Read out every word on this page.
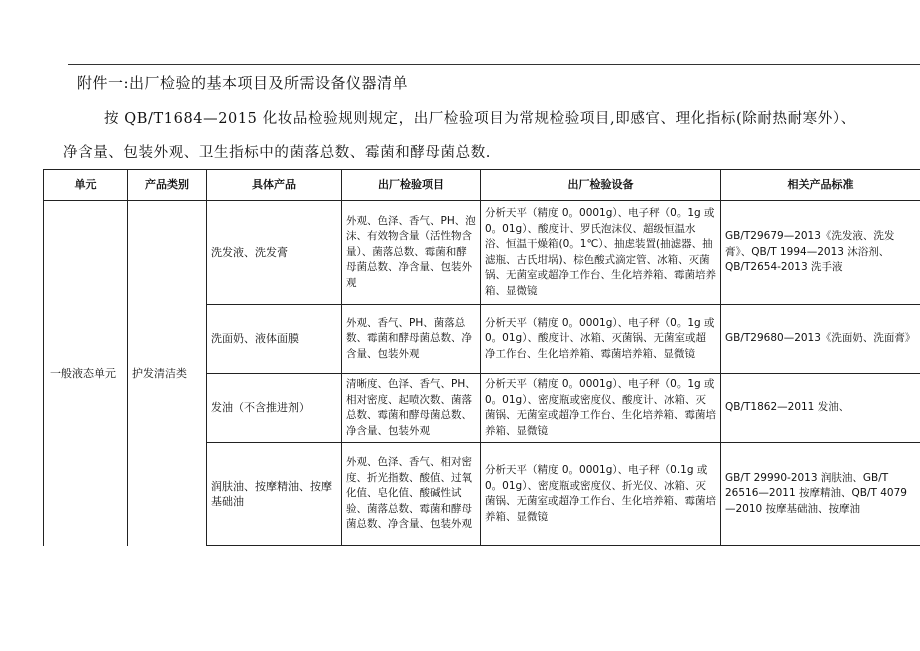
附件一:出厂检验的基本项目及所需设备仪器清单
按 QB/T1684—2015 化妆品检验规则规定，出厂检验项目为常规检验项目,即感官、理化指标(除耐热耐寒外）、
净含量、包装外观、卫生指标中的菌落总数、霉菌和酵母菌总数.
单元	产品类别	具体产品	出厂检验项目	出厂检验设备	相关产品标准
一般液态单元	护发清洁类	洗发液、洗发膏	外观、色泽、香气、PH、泡沫、有效物含量（活性物含量）、菌落总数、霉菌和酵母菌总数、净含量、包装外观	分析天平（精度 0。0001g）、电子秤（0。1g 或 0。01g）、酸度计、罗氏泡沫仪、超级恒温水浴、恒温干燥箱(0。1℃）、抽虑装置(抽滤器、抽滤瓶、古氏坩埚)、棕色酸式滴定管、冰箱、灭菌锅、无菌室或超净工作台、生化培养箱、霉菌培养箱、显微镜	GB/T29679—2013《洗发液、洗发膏》、QB/T 1994—2013 沐浴剂、QB/T2654-2013 洗手液
		洗面奶、液体面膜	外观、香气、PH、菌落总数、霉菌和酵母菌总数、净含量、包装外观	分析天平（精度 0。0001g）、电子秤（0。1g 或 0。01g）、酸度计、冰箱、灭菌锅、无菌室或超净工作台、生化培养箱、霉菌培养箱、显微镜	GB/T29680—2013《洗面奶、洗面膏》
		发油（不含推进剂）	清晰度、色泽、香气、PH、相对密度、起喷次数、菌落总数、霉菌和酵母菌总数、净含量、包装外观	分析天平（精度 0。0001g）、电子秤（0。1g 或 0。01g）、密度瓶或密度仪、酸度计、冰箱、灭菌锅、无菌室或超净工作台、生化培养箱、霉菌培养箱、显微镜	QB/T1862—2011 发油、
		润肤油、按摩精油、按摩基础油	外观、色泽、香气、相对密度、折光指数、酸值、过氧化值、皂化值、酸碱性试验、菌落总数、霉菌和酵母菌总数、净含量、包装外观	分析天平（精度 0。0001g）、电子秤（0.1g 或 0。01g）、密度瓶或密度仪、折光仪、冰箱、灭菌锅、无菌室或超净工作台、生化培养箱、霉菌培养箱、显微镜	GB/T 29990-2013 润肤油、GB/T 26516—2011 按摩精油、QB/T 4079—2010 按摩基础油、按摩油
